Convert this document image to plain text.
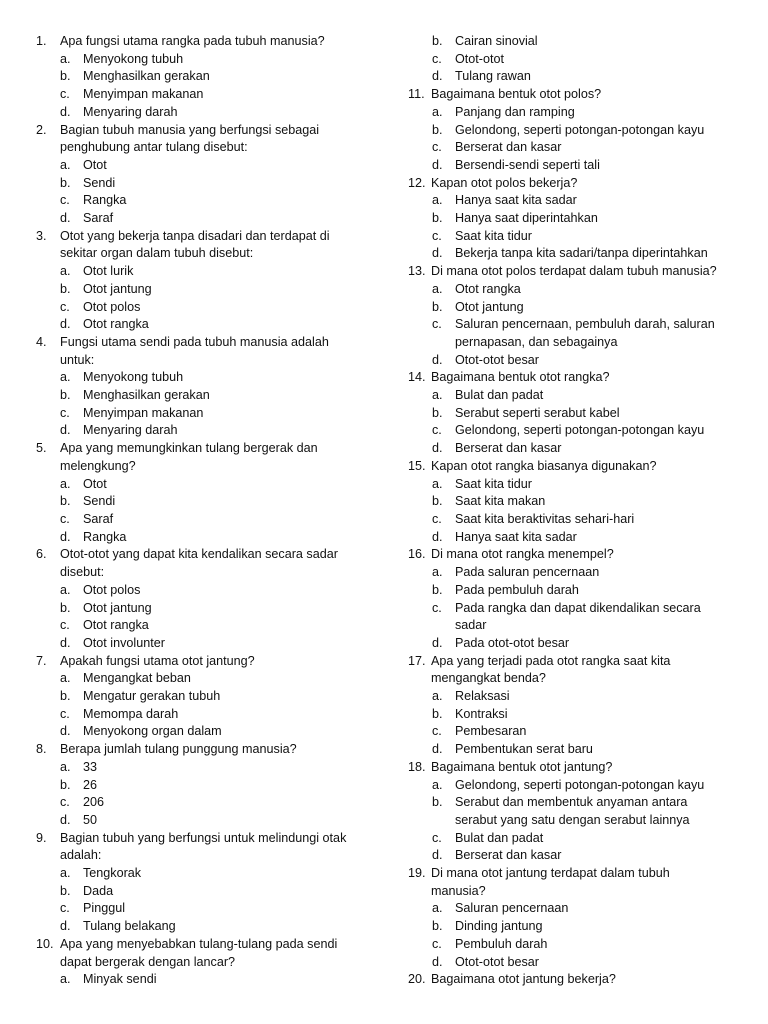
1. Apa fungsi utama rangka pada tubuh manusia?
a. Menyokong tubuh
b. Menghasilkan gerakan
c. Menyimpan makanan
d. Menyaring darah
2. Bagian tubuh manusia yang berfungsi sebagai
penghubung antar tulang disebut:
a. Otot
b. Sendi
c. Rangka
d. Saraf
3. Otot yang bekerja tanpa disadari dan terdapat di
sekitar organ dalam tubuh disebut:
a. Otot lurik
b. Otot jantung
c. Otot polos
d. Otot rangka
4. Fungsi utama sendi pada tubuh manusia adalah
untuk:
a. Menyokong tubuh
b. Menghasilkan gerakan
c. Menyimpan makanan
d. Menyaring darah
5. Apa yang memungkinkan tulang bergerak dan
melengkung?
a. Otot
b. Sendi
c. Saraf
d. Rangka
6. Otot-otot yang dapat kita kendalikan secara sadar
disebut:
a. Otot polos
b. Otot jantung
c. Otot rangka
d. Otot involunter
7. Apakah fungsi utama otot jantung?
a. Mengangkat beban
b. Mengatur gerakan tubuh
c. Memompa darah
d. Menyokong organ dalam
8. Berapa jumlah tulang punggung manusia?
a. 33
b. 26
c. 206
d. 50
9. Bagian tubuh yang berfungsi untuk melindungi otak
adalah:
a. Tengkorak
b. Dada
c. Pinggul
d. Tulang belakang
10. Apa yang menyebabkan tulang-tulang pada sendi
dapat bergerak dengan lancar?
a. Minyak sendi
b. Cairan sinovial
c. Otot-otot
d. Tulang rawan
11. Bagaimana bentuk otot polos?
a. Panjang dan ramping
b. Gelondong, seperti potongan-potongan kayu
c. Berserat dan kasar
d. Bersendi-sendi seperti tali
12. Kapan otot polos bekerja?
a. Hanya saat kita sadar
b. Hanya saat diperintahkan
c. Saat kita tidur
d. Bekerja tanpa kita sadari/tanpa diperintahkan
13. Di mana otot polos terdapat dalam tubuh manusia?
a. Otot rangka
b. Otot jantung
c. Saluran pencernaan, pembuluh darah, saluran
pernapasan, dan sebagainya
d. Otot-otot besar
14. Bagaimana bentuk otot rangka?
a. Bulat dan padat
b. Serabut seperti serabut kabel
c. Gelondong, seperti potongan-potongan kayu
d. Berserat dan kasar
15. Kapan otot rangka biasanya digunakan?
a. Saat kita tidur
b. Saat kita makan
c. Saat kita beraktivitas sehari-hari
d. Hanya saat kita sadar
16. Di mana otot rangka menempel?
a. Pada saluran pencernaan
b. Pada pembuluh darah
c. Pada rangka dan dapat dikendalikan secara
sadar
d. Pada otot-otot besar
17. Apa yang terjadi pada otot rangka saat kita
mengangkat benda?
a. Relaksasi
b. Kontraksi
c. Pembesaran
d. Pembentukan serat baru
18. Bagaimana bentuk otot jantung?
a. Gelondong, seperti potongan-potongan kayu
b. Serabut dan membentuk anyaman antara
serabut yang satu dengan serabut lainnya
c. Bulat dan padat
d. Berserat dan kasar
19. Di mana otot jantung terdapat dalam tubuh
manusia?
a. Saluran pencernaan
b. Dinding jantung
c. Pembuluh darah
d. Otot-otot besar
20. Bagaimana otot jantung bekerja?
